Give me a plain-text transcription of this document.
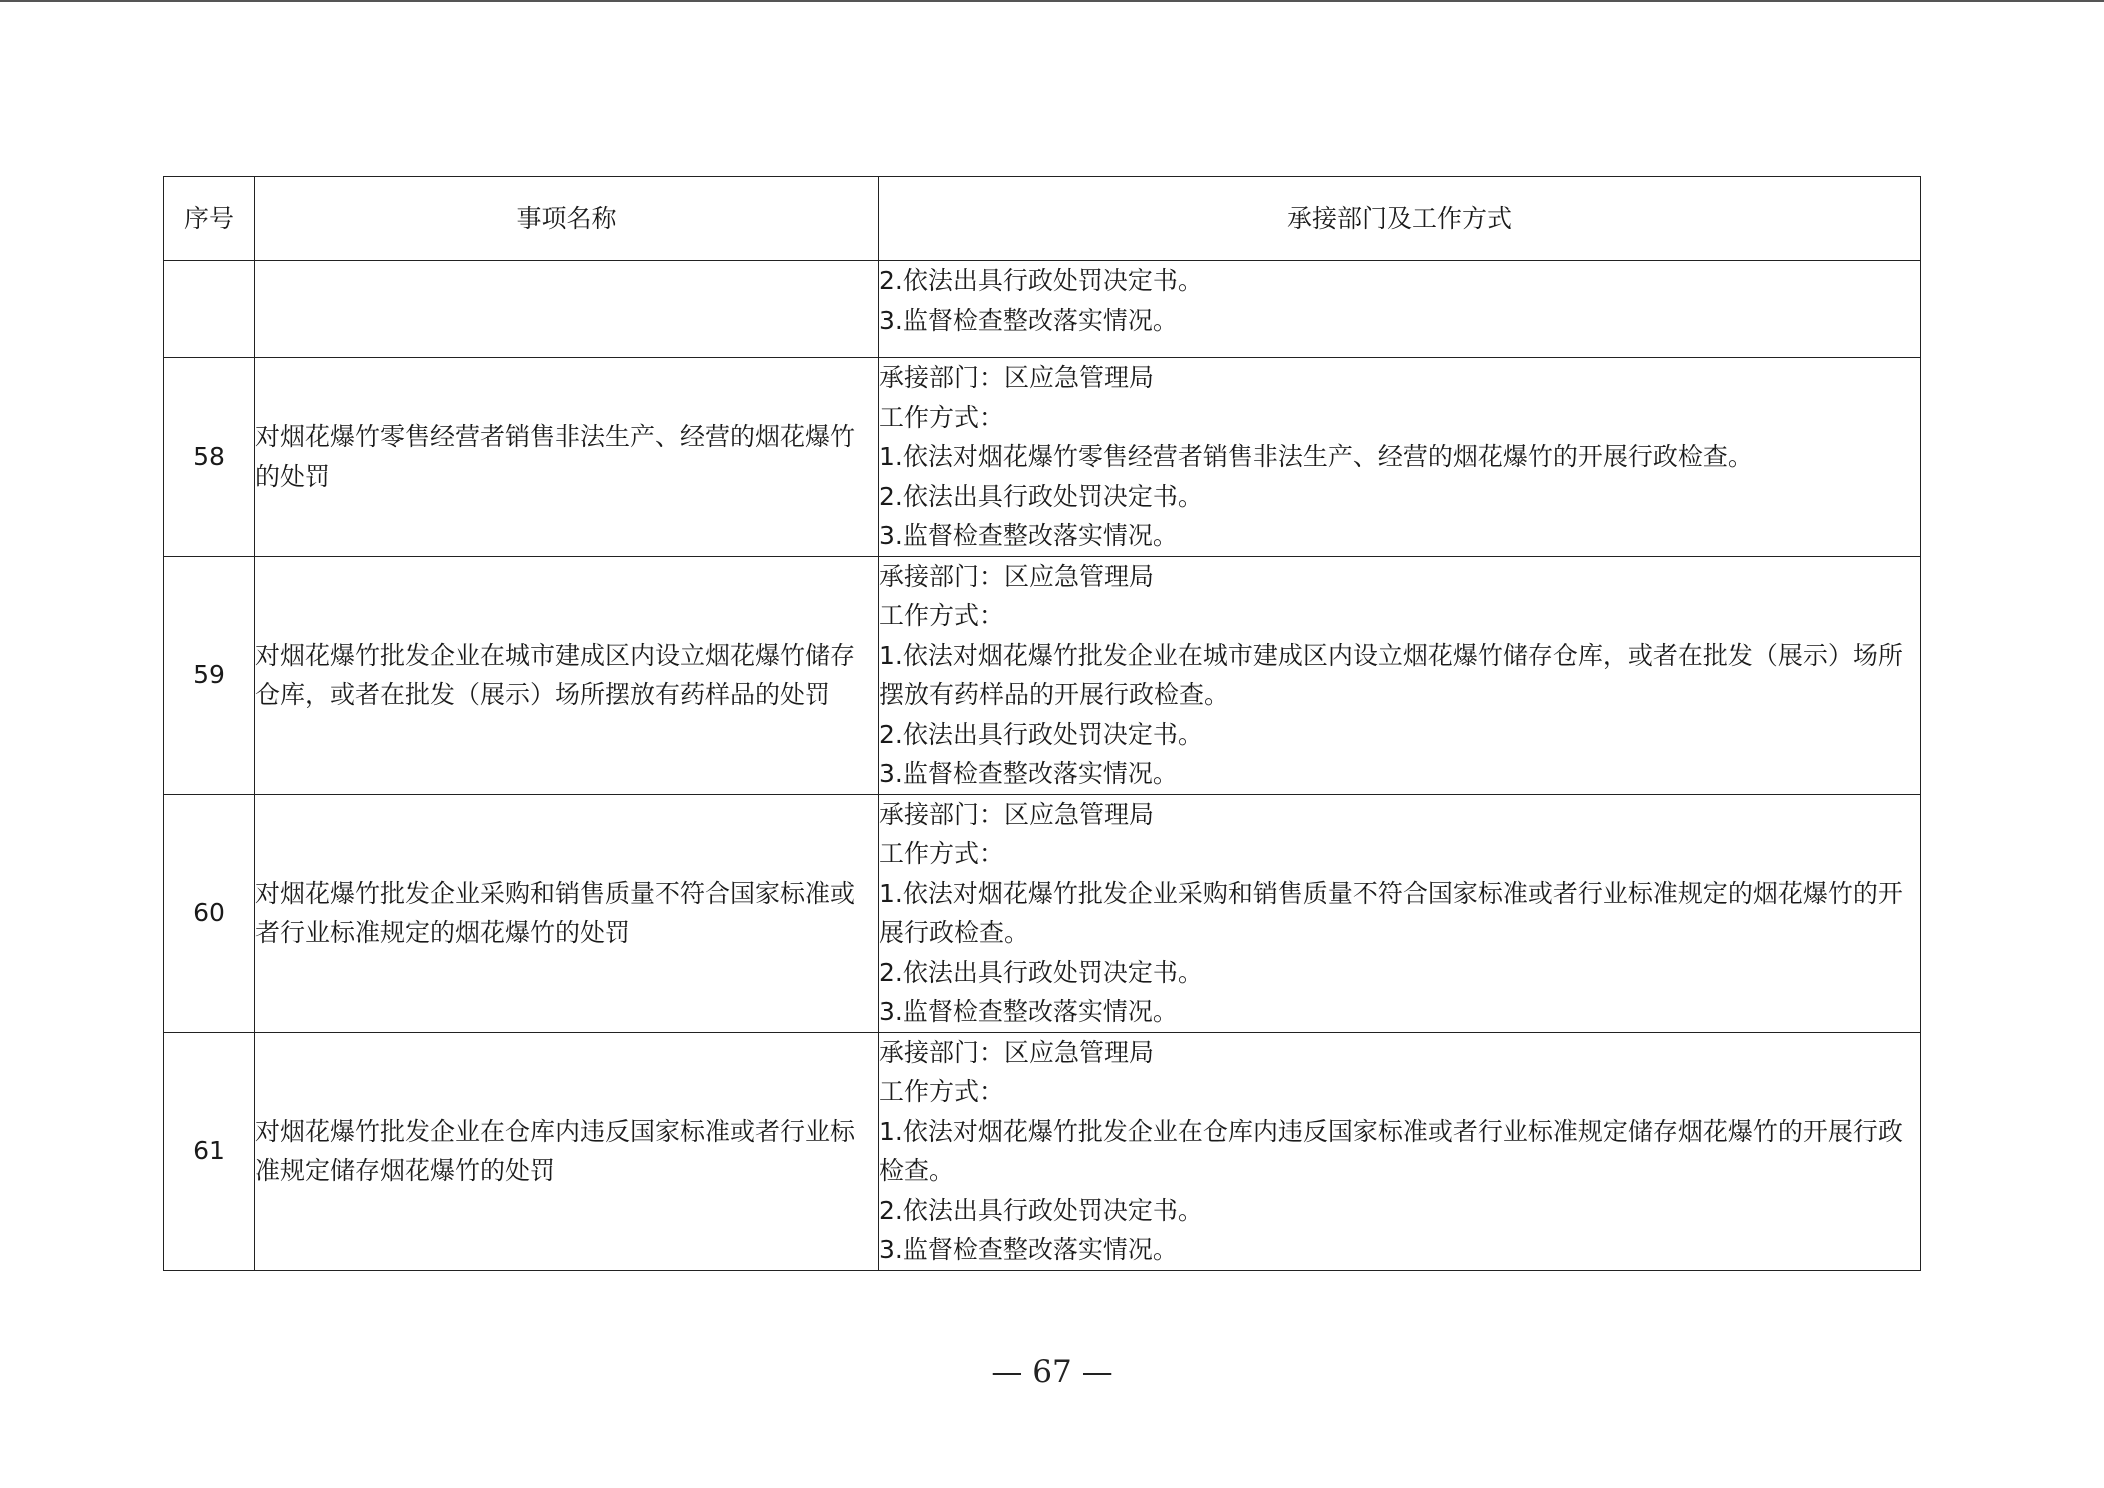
序号	事项名称	承接部门及工作方式

		2.依法出具行政处罚决定书。
3.监督检查整改落实情况。

58	对烟花爆竹零售经营者销售非法生产、经营的烟花爆竹的处罚	承接部门：区应急管理局
工作方式：
1.依法对烟花爆竹零售经营者销售非法生产、经营的烟花爆竹的开展行政检查。
2.依法出具行政处罚决定书。
3.监督检查整改落实情况。

59	对烟花爆竹批发企业在城市建成区内设立烟花爆竹储存仓库，或者在批发（展示）场所摆放有药样品的处罚	承接部门：区应急管理局
工作方式：
1.依法对烟花爆竹批发企业在城市建成区内设立烟花爆竹储存仓库，或者在批发（展示）场所摆放有药样品的开展行政检查。
2.依法出具行政处罚决定书。
3.监督检查整改落实情况。

60	对烟花爆竹批发企业采购和销售质量不符合国家标准或者行业标准规定的烟花爆竹的处罚	承接部门：区应急管理局
工作方式：
1.依法对烟花爆竹批发企业采购和销售质量不符合国家标准或者行业标准规定的烟花爆竹的开展行政检查。
2.依法出具行政处罚决定书。
3.监督检查整改落实情况。

61	对烟花爆竹批发企业在仓库内违反国家标准或者行业标准规定储存烟花爆竹的处罚	承接部门：区应急管理局
工作方式：
1.依法对烟花爆竹批发企业在仓库内违反国家标准或者行业标准规定储存烟花爆竹的开展行政检查。
2.依法出具行政处罚决定书。
3.监督检查整改落实情况。
— 67 —
